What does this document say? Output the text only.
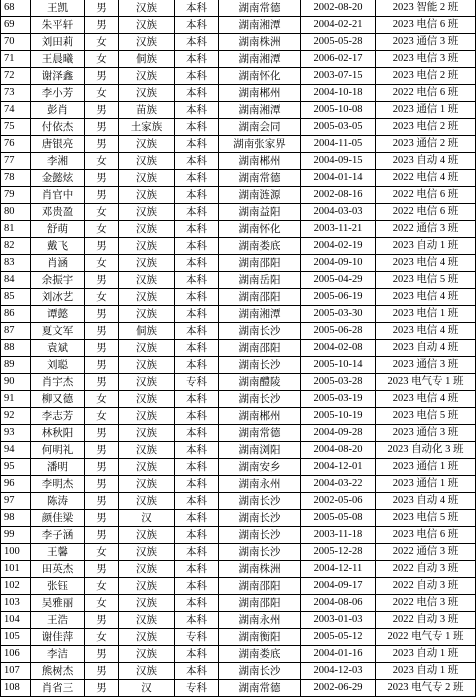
68	王凯	男	汉族	本科	湖南常德	2002-08-20	2023 智能 2 班
69	朱平轩	男	汉族	本科	湖南湘潭	2004-02-21	2023 电信 6 班
70	刘田莉	女	汉族	本科	湖南株洲	2005-05-28	2023 通信 3 班
71	王晨曦	女	侗族	本科	湖南湘潭	2006-02-17	2023 电信 3 班
72	谢泽鑫	男	汉族	本科	湖南怀化	2003-07-15	2023 电信 2 班
73	李小芳	女	汉族	本科	湖南郴州	2004-10-18	2022 电信 6 班
74	彭肖	男	苗族	本科	湖南湘潭	2005-10-08	2023 通信 1 班
75	付依杰	男	土家族	本科	湖南会同	2005-03-05	2023 电信 2 班
76	唐银亮	男	汉族	本科	湖南张家界	2004-11-05	2023 通信 2 班
77	李湘	女	汉族	本科	湖南郴州	2004-09-15	2023 自动 4 班
78	金懿炫	男	汉族	本科	湖南常德	2004-01-14	2022 电信 4 班
79	肖官中	男	汉族	本科	湖南涟源	2002-08-16	2022 电信 6 班
80	邓贵盈	女	汉族	本科	湖南益阳	2004-03-03	2022 电信 6 班
81	舒萌	女	汉族	本科	湖南怀化	2003-11-21	2022 通信 3 班
82	戴飞	男	汉族	本科	湖南娄底	2004-02-19	2023 自动 1 班
83	肖涵	女	汉族	本科	湖南邵阳	2004-09-10	2023 电信 4 班
84	余振宇	男	汉族	本科	湖南岳阳	2005-04-29	2023 电信 5 班
85	刘冰艺	女	汉族	本科	湖南邵阳	2005-06-19	2023 电信 4 班
86	谭懿	男	汉族	本科	湖南湘潭	2005-03-30	2023 电信 1 班
87	夏文军	男	侗族	本科	湖南长沙	2005-06-28	2023 电信 4 班
88	袁斌	男	汉族	本科	湖南邵阳	2004-02-08	2023 自动 4 班
89	刘聪	男	汉族	本科	湖南长沙	2005-10-14	2023 通信 3 班
90	肖宇杰	男	汉族	专科	湖南醴陵	2005-03-28	2023 电气专 1 班
91	柳又德	女	汉族	本科	湖南长沙	2005-03-19	2023 电信 4 班
92	李志芳	女	汉族	本科	湖南郴州	2005-10-19	2023 电信 5 班
93	林秋阳	男	汉族	本科	湖南常德	2004-09-28	2023 通信 3 班
94	何明礼	男	汉族	本科	湖南浏阳	2004-08-20	2023 自动化 3 班
95	潘明	男	汉族	本科	湖南安乡	2004-12-01	2023 通信 1 班
96	李明杰	男	汉族	本科	湖南永州	2004-03-22	2023 通信 1 班
97	陈涛	男	汉族	本科	湖南长沙	2002-05-06	2023 自动 4 班
98	颜佳梁	男	汉	本科	湖南长沙	2005-05-08	2023 电信 5 班
99	李子涵	男	汉族	本科	湖南长沙	2003-11-18	2023 电信 6 班
100	王馨	女	汉族	本科	湖南长沙	2005-12-28	2022 通信 3 班
101	田英杰	男	汉族	本科	湖南株洲	2004-12-11	2022 自动 3 班
102	张钰	女	汉族	本科	湖南邵阳	2004-09-17	2022 自动 3 班
103	吴雅丽	女	汉族	本科	湖南邵阳	2004-08-06	2022 电信 3 班
104	王浩	男	汉族	本科	湖南永州	2003-01-03	2022 自动 3 班
105	谢佳萍	女	汉族	专科	湖南衡阳	2005-05-12	2022 电气专 1 班
106	李洁	男	汉族	本科	湖南娄底	2004-01-16	2023 自动 1 班
107	熊树杰	男	汉族	本科	湖南长沙	2004-12-03	2023 自动 1 班
108	肖省三	男	汉	专科	湖南常德	2002-06-29	2023 电气专 2 班
